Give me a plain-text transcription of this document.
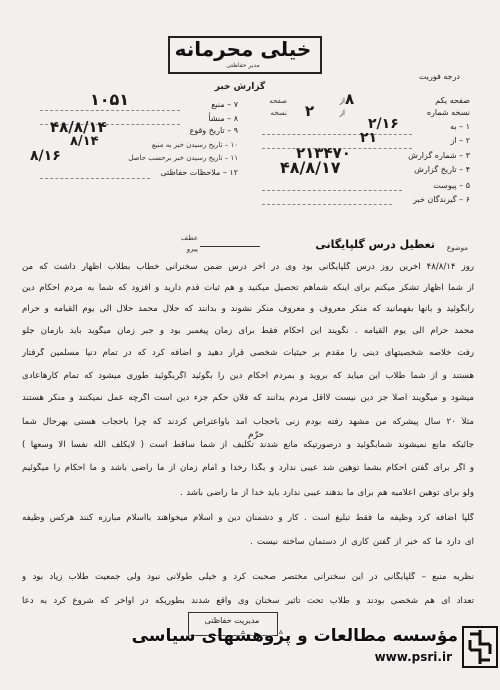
خیلی محرمانه
مدیر حفاظتی
درجه فوریت
گزارش خبر
صفحه یکم
از
صفحه	۸
نسخه شماره
از
نسخه ۲
۱ – به
۲/۱۶
۲ – از
۲۱
۳ – شماره گزارش
۲۱۳۴۷۰
۴ – تاریخ گزارش
۴۸/۸/۱۷
۵ – پیوست
۶ – گیرندگان خبر
۷ – منبع
۱۰۵۱
۸ – منشأ
۹ – تاریخ وقوع
۴۸/۸/۱۴
۱۰ – تاریخ رسیدن خبر به منبع
۸/۱۴
۱۱ – تاریخ رسیدن خبر برحسب حاصل
۸/۱۶
۱۲ – ملاحظات حفاظتی
موضوع
تعطیل درس گلپایگانی
عطف
پیرو
روز ۴۸/۸/۱۴ آخرین روز درس گلپایگانی بود وی در آخر درس ضمن سخنرانی خطاب بطلاب اظهار داشت که من
از شما اظهار تشکر میکنم برای اینکه شماهم تحصیل میکنید و هم ثبات قدم دارید و افزود که شما به مردم احکام دین
رابگوئید و بآنها بفهمانید که منکر معروف و معروف منکر نشوند و بدانند که حلال محمد حلال الی یوم القیامه و حرام
محمد حرام الی یوم القیامه . نگویند این احکام فقط برای زمان پیغمبر بود و جبر زمان میگوید باید بازمان جلو
رفت خلاصه شخصیتهای دینی را مقدم بر حیثیات شخصی قرار دهید و اضافه کرد که در تمام دنیا مسلمین گرفتار
هستند و از شما طلاب این میآید که بروید و بمردم احکام دین را بگوئید اگربگوئید طوری میشود که تمام کارهاعادی
میشود و میگویند اصلاً جز دین نیست لااقل مردم بدانند که فلان حکم جزء دین است اگرچه عمل نمیکنند و منکر هستند
مثلاً ۲۰ سال پیشرکه من مشهد رفته بودم زنی باحجاب آمد باواعتراض کردند که چرا باحجاب هستی بهرحال شما
حرّم
جائیکه مانع نمیشوند شمابگوئید و درصورتیکه مانع شدند تکلیف از شما ساقط است ( لایکلف الله نفساً الا وسعها )
و اگر برای گفتن احکام بشما توهین شد عیبی ندارد و بگذا رخدا و امام زمان از ما راضی باشد و ما احکام را میگوئیم
ولو برای توهین اعلامیه هم برای ما بدهند عیبی ندارد باید خدا از ما راضی باشد .
گلپا اضافه کرد وظیفه ما فقط تبلیغ است . کار و دشمنان دین و اسلام میخواهند بااسلام مبارزه کنند هرکس وظیفه
ای دارد ما که خبر از گفتن کاری از دستمان ساخته نیست .
نظریه منبع – گلپایگانی در این سخنرانی مختصر صحبت کرد و خیلی طولانی نبود ولی جمعیت طلاب زیاد بود و
تعداد ای هم شخصی بودند و طلاب تحت تأثیر سخنان وی واقع شدند بطوریکه در اواخر که شروع کرد به دعا
مدیریت حفاظتی
مؤسسه مطالعات و پژوهشهای سیاسی
www.psri.ir
